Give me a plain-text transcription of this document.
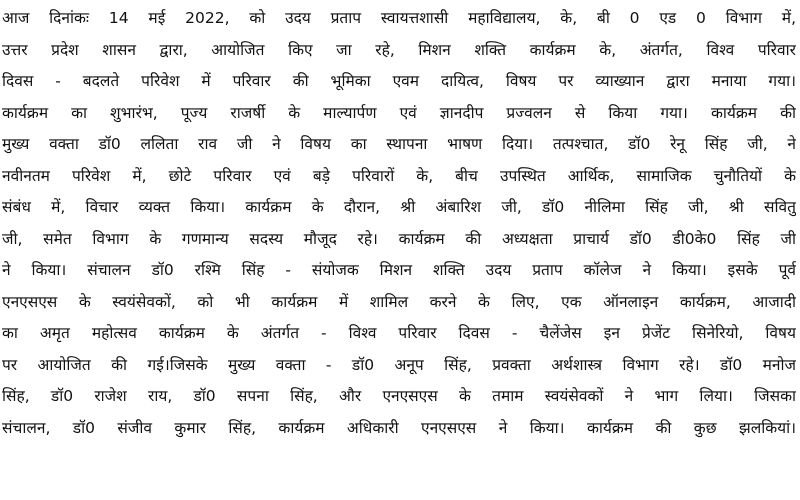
आज दिनांकः 14 मई 2022, को उदय प्रताप स्वायत्तशासी महाविद्यालय, के, बी 0 एड 0 विभाग में,
उत्तर प्रदेश शासन द्वारा, आयोजित किए जा रहे, मिशन शक्ति कार्यक्रम के, अंतर्गत, विश्व परिवार
दिवस - बदलते परिवेश में परिवार की भूमिका एवम दायित्व, विषय पर व्याख्यान द्वारा मनाया गया।
कार्यक्रम का शुभारंभ, पूज्य राजर्षी के माल्यार्पण एवं ज्ञानदीप प्रज्वलन से किया गया। कार्यक्रम की
मुख्य वक्ता डॉ0 ललिता राव जी ने विषय का स्थापना भाषण दिया। तत्पश्चात, डॉ0 रेनू सिंह जी, ने
नवीनतम परिवेश में, छोटे परिवार एवं बड़े परिवारों के, बीच उपस्थित आर्थिक, सामाजिक चुनौतियों के
संबंध में, विचार व्यक्त किया। कार्यक्रम के दौरान, श्री अंबारिश जी, डॉ0 नीलिमा सिंह जी, श्री सवितु
जी, समेत विभाग के गणमान्य सदस्य मौजूद रहे। कार्यक्रम की अध्यक्षता प्राचार्य डॉ0 डी0के0 सिंह जी
ने किया। संचालन डॉ0 रश्मि सिंह - संयोजक मिशन शक्ति उदय प्रताप कॉलेज ने किया। इसके पूर्व
एनएसएस के स्वयंसेवकों, को भी कार्यक्रम में शामिल करने के लिए, एक ऑनलाइन कार्यक्रम, आजादी
का अमृत महोत्सव कार्यक्रम के अंतर्गत - विश्व परिवार दिवस - चैलेंजेस इन प्रेजेंट सिनेरियो, विषय
पर आयोजित की गई।जिसके मुख्य वक्ता - डॉ0 अनूप सिंह, प्रवक्ता अर्थशास्त्र विभाग रहे। डॉ0 मनोज
सिंह, डॉ0 राजेश राय, डॉ0 सपना सिंह, और एनएसएस के तमाम स्वयंसेवकों ने भाग लिया। जिसका
संचालन, डॉ0 संजीव कुमार सिंह, कार्यक्रम अधिकारी एनएसएस ने किया। कार्यक्रम की कुछ झलकियां।
